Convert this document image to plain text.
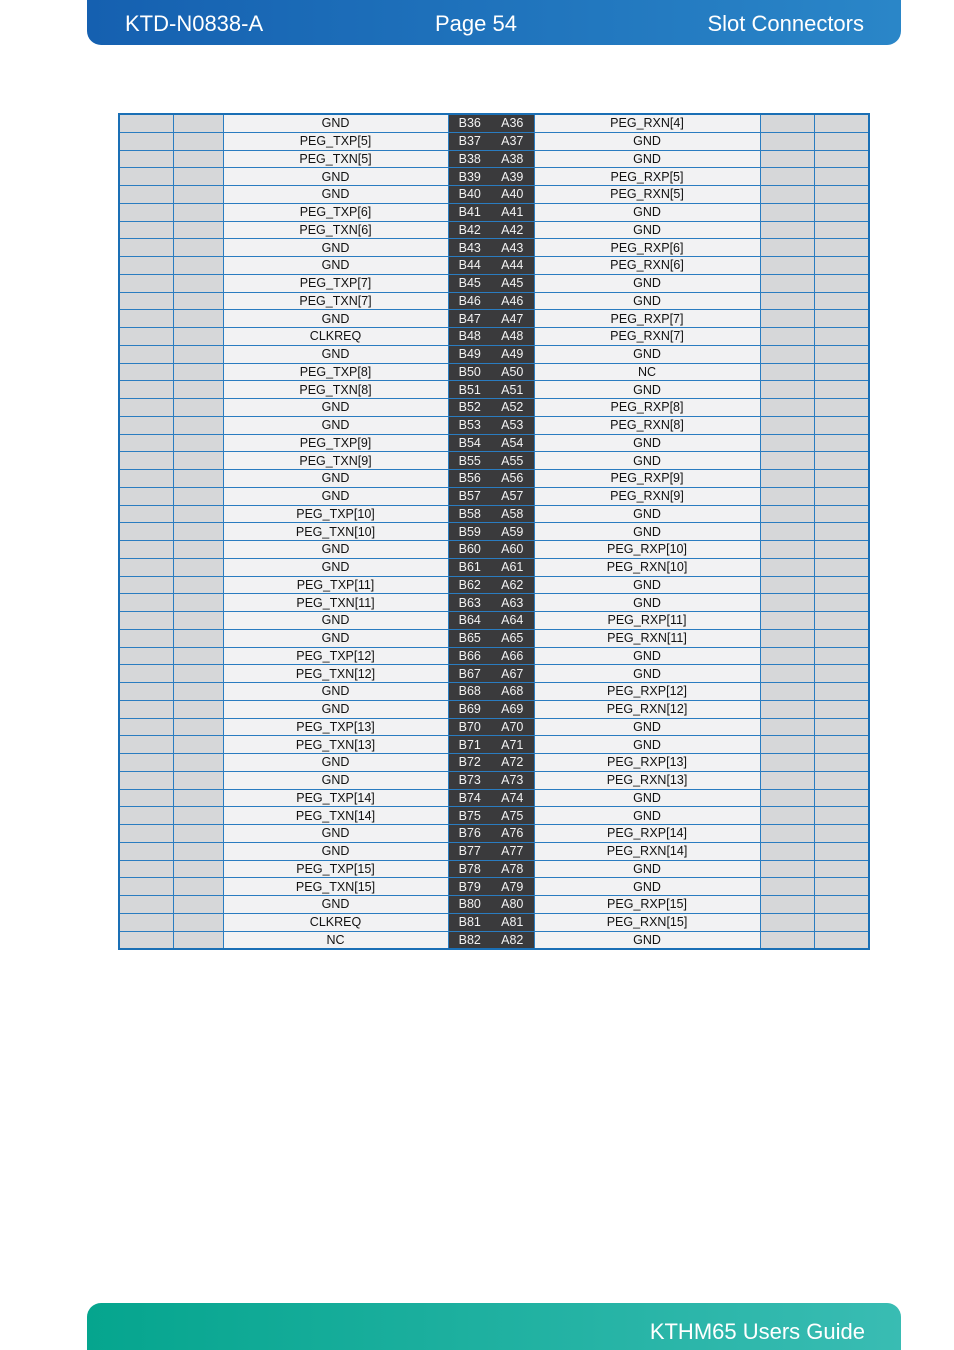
KTD-N0838-A	Page 54	Slot Connectors
		GND	B36	A36	PEG_RXN[4]		
		PEG_TXP[5]	B37	A37	GND		
		PEG_TXN[5]	B38	A38	GND		
		GND	B39	A39	PEG_RXP[5]		
		GND	B40	A40	PEG_RXN[5]		
		PEG_TXP[6]	B41	A41	GND		
		PEG_TXN[6]	B42	A42	GND		
		GND	B43	A43	PEG_RXP[6]		
		GND	B44	A44	PEG_RXN[6]		
		PEG_TXP[7]	B45	A45	GND		
		PEG_TXN[7]	B46	A46	GND		
		GND	B47	A47	PEG_RXP[7]		
		CLKREQ	B48	A48	PEG_RXN[7]		
		GND	B49	A49	GND		
		PEG_TXP[8]	B50	A50	NC		
		PEG_TXN[8]	B51	A51	GND		
		GND	B52	A52	PEG_RXP[8]		
		GND	B53	A53	PEG_RXN[8]		
		PEG_TXP[9]	B54	A54	GND		
		PEG_TXN[9]	B55	A55	GND		
		GND	B56	A56	PEG_RXP[9]		
		GND	B57	A57	PEG_RXN[9]		
		PEG_TXP[10]	B58	A58	GND		
		PEG_TXN[10]	B59	A59	GND		
		GND	B60	A60	PEG_RXP[10]		
		GND	B61	A61	PEG_RXN[10]		
		PEG_TXP[11]	B62	A62	GND		
		PEG_TXN[11]	B63	A63	GND		
		GND	B64	A64	PEG_RXP[11]		
		GND	B65	A65	PEG_RXN[11]		
		PEG_TXP[12]	B66	A66	GND		
		PEG_TXN[12]	B67	A67	GND		
		GND	B68	A68	PEG_RXP[12]		
		GND	B69	A69	PEG_RXN[12]		
		PEG_TXP[13]	B70	A70	GND		
		PEG_TXN[13]	B71	A71	GND		
		GND	B72	A72	PEG_RXP[13]		
		GND	B73	A73	PEG_RXN[13]		
		PEG_TXP[14]	B74	A74	GND		
		PEG_TXN[14]	B75	A75	GND		
		GND	B76	A76	PEG_RXP[14]		
		GND	B77	A77	PEG_RXN[14]		
		PEG_TXP[15]	B78	A78	GND		
		PEG_TXN[15]	B79	A79	GND		
		GND	B80	A80	PEG_RXP[15]		
		CLKREQ	B81	A81	PEG_RXN[15]		
		NC	B82	A82	GND		
KTHM65 Users Guide
